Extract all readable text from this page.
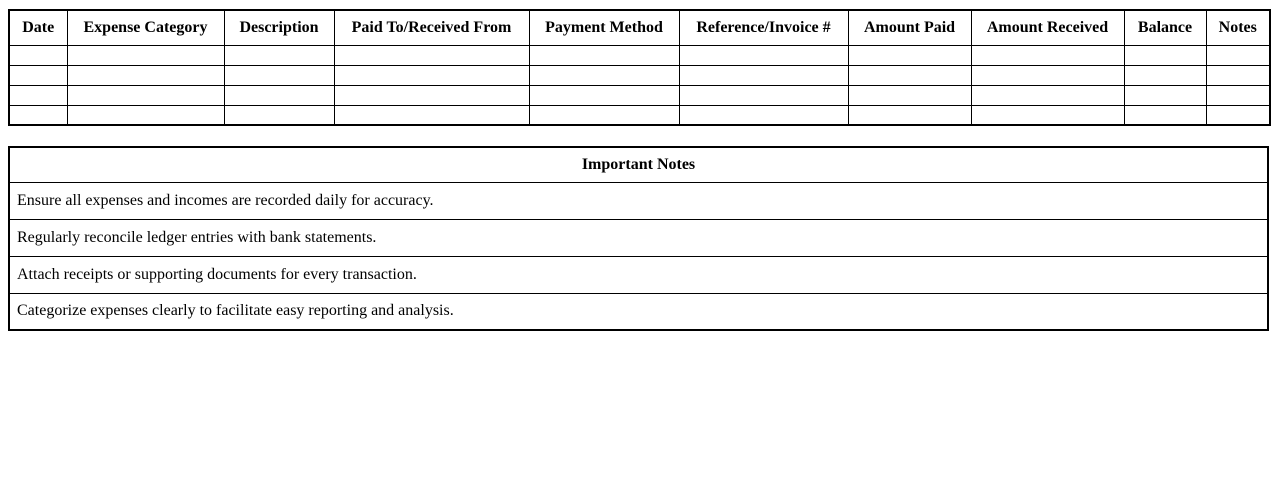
Date	Expense Category	Description	Paid To/Received From	Payment Method	Reference/Invoice #	Amount Paid	Amount Received	Balance	Notes

Important Notes
Ensure all expenses and incomes are recorded daily for accuracy.
Regularly reconcile ledger entries with bank statements.
Attach receipts or supporting documents for every transaction.
Categorize expenses clearly to facilitate easy reporting and analysis.
